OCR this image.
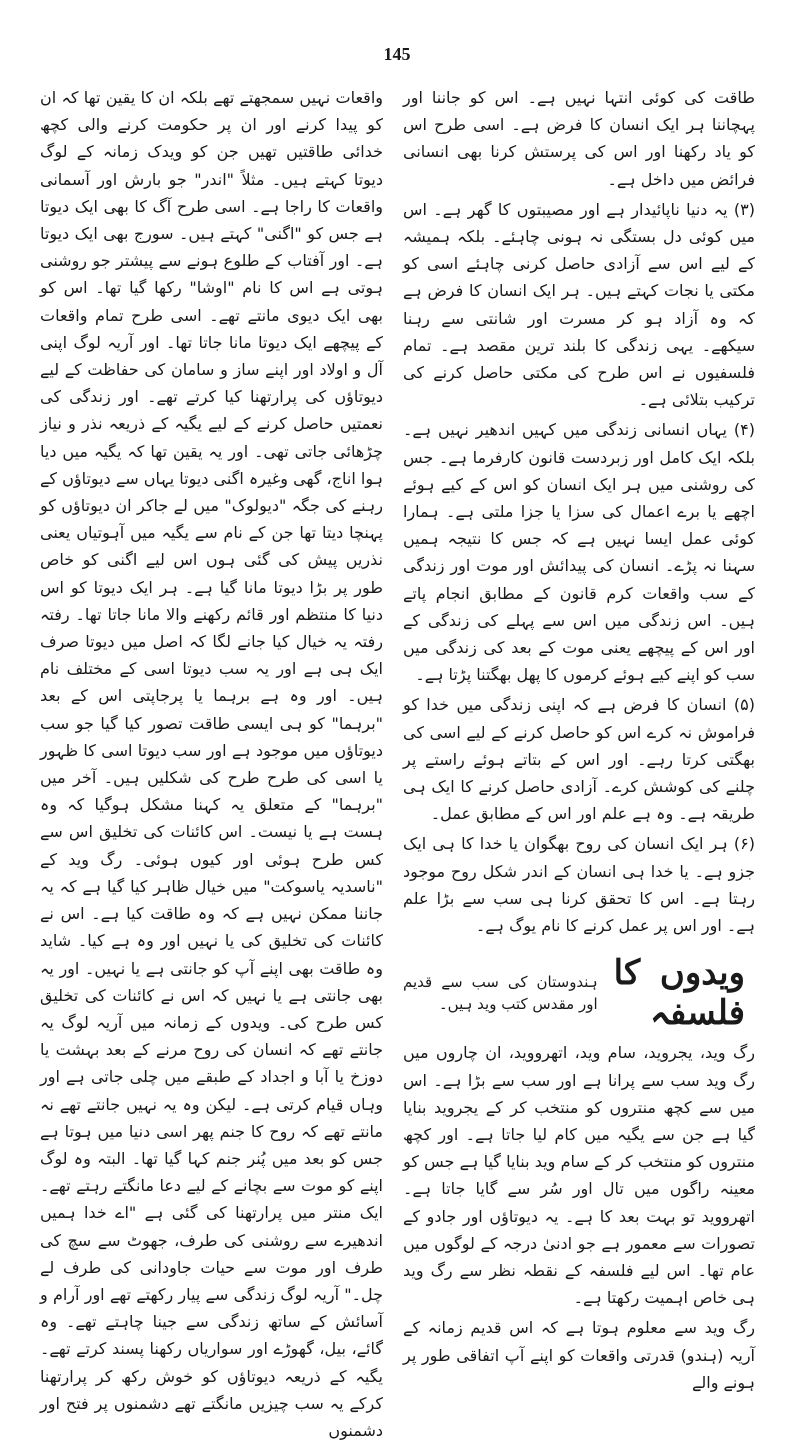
145

طاقت کی کوئی انتہا نہیں ہے۔ اس کو جاننا اور پہچاننا ہر ایک انسان کا فرض ہے۔ اسی طرح اس کو یاد رکھنا اور اس کی پرستش کرنا بھی انسانی فرائض میں داخل ہے۔

(۳) یہ دنیا ناپائیدار ہے اور مصیبتوں کا گھر ہے۔ اس میں کوئی دل بستگی نہ ہونی چاہئے۔ بلکہ ہمیشہ کے لیے اس سے آزادی حاصل کرنی چاہئے اسی کو مکتی یا نجات کہتے ہیں۔ ہر ایک انسان کا فرض ہے کہ وہ آزاد ہو کر مسرت اور شانتی سے رہنا سیکھے۔ یہی زندگی کا بلند ترین مقصد ہے۔ تمام فلسفیوں نے اس طرح کی مکتی حاصل کرنے کی ترکیب بتلائی ہے۔

(۴) یہاں انسانی زندگی میں کہیں اندھیر نہیں ہے۔ بلکہ ایک کامل اور زبردست قانون کارفرما ہے۔ جس کی روشنی میں ہر ایک انسان کو اس کے کیے ہوئے اچھے یا برے اعمال کی سزا یا جزا ملتی ہے۔ ہمارا کوئی عمل ایسا نہیں ہے کہ جس کا نتیجہ ہمیں سہنا نہ پڑے۔ انسان کی پیدائش اور موت اور زندگی کے سب واقعات کرم قانون کے مطابق انجام پاتے ہیں۔ اس زندگی میں اس سے پہلے کی زندگی کے اور اس کے پیچھے یعنی موت کے بعد کی زندگی میں سب کو اپنے کیے ہوئے کرموں کا پھل بھگتنا پڑتا ہے۔

(۵) انسان کا فرض ہے کہ اپنی زندگی میں خدا کو فراموش نہ کرے اس کو حاصل کرنے کے لیے اسی کی بھگتی کرتا رہے۔ اور اس کے بتاتے ہوئے راستے پر چلنے کی کوشش کرے۔ آزادی حاصل کرنے کا ایک ہی طریقہ ہے۔ وہ ہے علم اور اس کے مطابق عمل۔

(۶) ہر ایک انسان کی روح بھگوان یا خدا کا ہی ایک جزو ہے۔ یا خدا ہی انسان کے اندر شکل روح موجود رہتا ہے۔ اس کا تحقق کرنا ہی سب سے بڑا علم ہے۔ اور اس پر عمل کرنے کا نام یوگ ہے۔

ویدوں کا فلسفہ
ہندوستان کی سب سے قدیم اور مقدس کتب وید ہیں۔

رگ وید، یجروید، سام وید، اتھرووید، ان چاروں میں رگ وید سب سے پرانا ہے اور سب سے بڑا ہے۔ اس میں سے کچھ منتروں کو منتخب کر کے یجروید بنایا گیا ہے جن سے یگیہ میں کام لیا جاتا ہے۔ اور کچھ منتروں کو منتخب کر کے سام وید بنایا گیا ہے جس کو معینہ راگوں میں تال اور سُر سے گایا جاتا ہے۔ اتھرووید تو بہت بعد کا ہے۔ یہ دیوتاؤں اور جادو کے تصورات سے معمور ہے جو ادنیٰ درجہ کے لوگوں میں عام تھا۔ اس لیے فلسفہ کے نقطہ نظر سے رگ وید ہی خاص اہمیت رکھتا ہے۔

رگ وید سے معلوم ہوتا ہے کہ اس قدیم زمانہ کے آریہ (ہندو) قدرتی واقعات کو اپنے آپ اتفاقی طور پر ہونے والے

واقعات نہیں سمجھتے تھے بلکہ ان کا یقین تھا کہ ان کو پیدا کرنے اور ان پر حکومت کرنے والی کچھ خدائی طاقتیں تھیں جن کو ویدک زمانہ کے لوگ دیوتا کہتے ہیں۔ مثلاً "اندر" جو بارش اور آسمانی واقعات کا راجا ہے۔ اسی طرح آگ کا بھی ایک دیوتا ہے جس کو "اگنی" کہتے ہیں۔ سورج بھی ایک دیوتا ہے۔ اور آفتاب کے طلوع ہونے سے پیشتر جو روشنی ہوتی ہے اس کا نام "اوشا" رکھا گیا تھا۔ اس کو بھی ایک دیوی مانتے تھے۔ اسی طرح تمام واقعات کے پیچھے ایک دیوتا مانا جاتا تھا۔ اور آریہ لوگ اپنی آل و اولاد اور اپنے ساز و سامان کی حفاظت کے لیے دیوتاؤں کی پرارتھنا کیا کرتے تھے۔ اور زندگی کی نعمتیں حاصل کرنے کے لیے یگیہ کے ذریعہ نذر و نیاز چڑھائی جاتی تھی۔ اور یہ یقین تھا کہ یگیہ میں دیا ہوا اناج، گھی وغیرہ اگنی دیوتا یہاں سے دیوتاؤں کے رہنے کی جگہ "دیولوک" میں لے جاکر ان دیوتاؤں کو پہنچا دیتا تھا جن کے نام سے یگیہ میں آہوتیاں یعنی نذریں پیش کی گئی ہوں اس لیے اگنی کو خاص طور پر بڑا دیوتا مانا گیا ہے۔ ہر ایک دیوتا کو اس دنیا کا منتظم اور قائم رکھنے والا مانا جاتا تھا۔ رفتہ رفتہ یہ خیال کیا جانے لگا کہ اصل میں دیوتا صرف ایک ہی ہے اور یہ سب دیوتا اسی کے مختلف نام ہیں۔ اور وہ ہے برہما یا پرجاپتی اس کے بعد "برہما" کو ہی ایسی طاقت تصور کیا گیا جو سب دیوتاؤں میں موجود ہے اور سب دیوتا اسی کا ظہور یا اسی کی طرح طرح کی شکلیں ہیں۔ آخر میں "برہما" کے متعلق یہ کہنا مشکل ہوگیا کہ وہ ہست ہے یا نیست۔ اس کائنات کی تخلیق اس سے کس طرح ہوئی اور کیوں ہوئی۔ رگ وید کے "ناسدیہ یاسوکت" میں خیال ظاہر کیا گیا ہے کہ یہ جاننا ممکن نہیں ہے کہ وہ طاقت کیا ہے۔ اس نے کائنات کی تخلیق کی یا نہیں اور وہ ہے کیا۔ شاید وہ طاقت بھی اپنے آپ کو جانتی ہے یا نہیں۔ اور یہ بھی جانتی ہے یا نہیں کہ اس نے کائنات کی تخلیق کس طرح کی۔ ویدوں کے زمانہ میں آریہ لوگ یہ جانتے تھے کہ انسان کی روح مرنے کے بعد بہشت یا دوزخ یا آبا و اجداد کے طبقے میں چلی جاتی ہے اور وہاں قیام کرتی ہے۔ لیکن وہ یہ نہیں جانتے تھے نہ مانتے تھے کہ روح کا جنم پھر اسی دنیا میں ہوتا ہے جس کو بعد میں پُنر جنم کہا گیا تھا۔ البتہ وہ لوگ اپنے کو موت سے بچانے کے لیے دعا مانگتے رہتے تھے۔ ایک منتر میں پرارتھنا کی گئی ہے "اے خدا ہمیں اندھیرے سے روشنی کی طرف، جھوٹ سے سچ کی طرف اور موت سے حیات جاودانی کی طرف لے چل۔" آریہ لوگ زندگی سے پیار رکھتے تھے اور آرام و آسائش کے ساتھ زندگی سے جینا چاہتے تھے۔ وہ گائے، بیل، گھوڑے اور سواریاں رکھنا پسند کرتے تھے۔ یگیہ کے ذریعہ دیوتاؤں کو خوش رکھ کر پرارتھنا کرکے یہ سب چیزیں مانگتے تھے دشمنوں پر فتح اور دشمنوں
